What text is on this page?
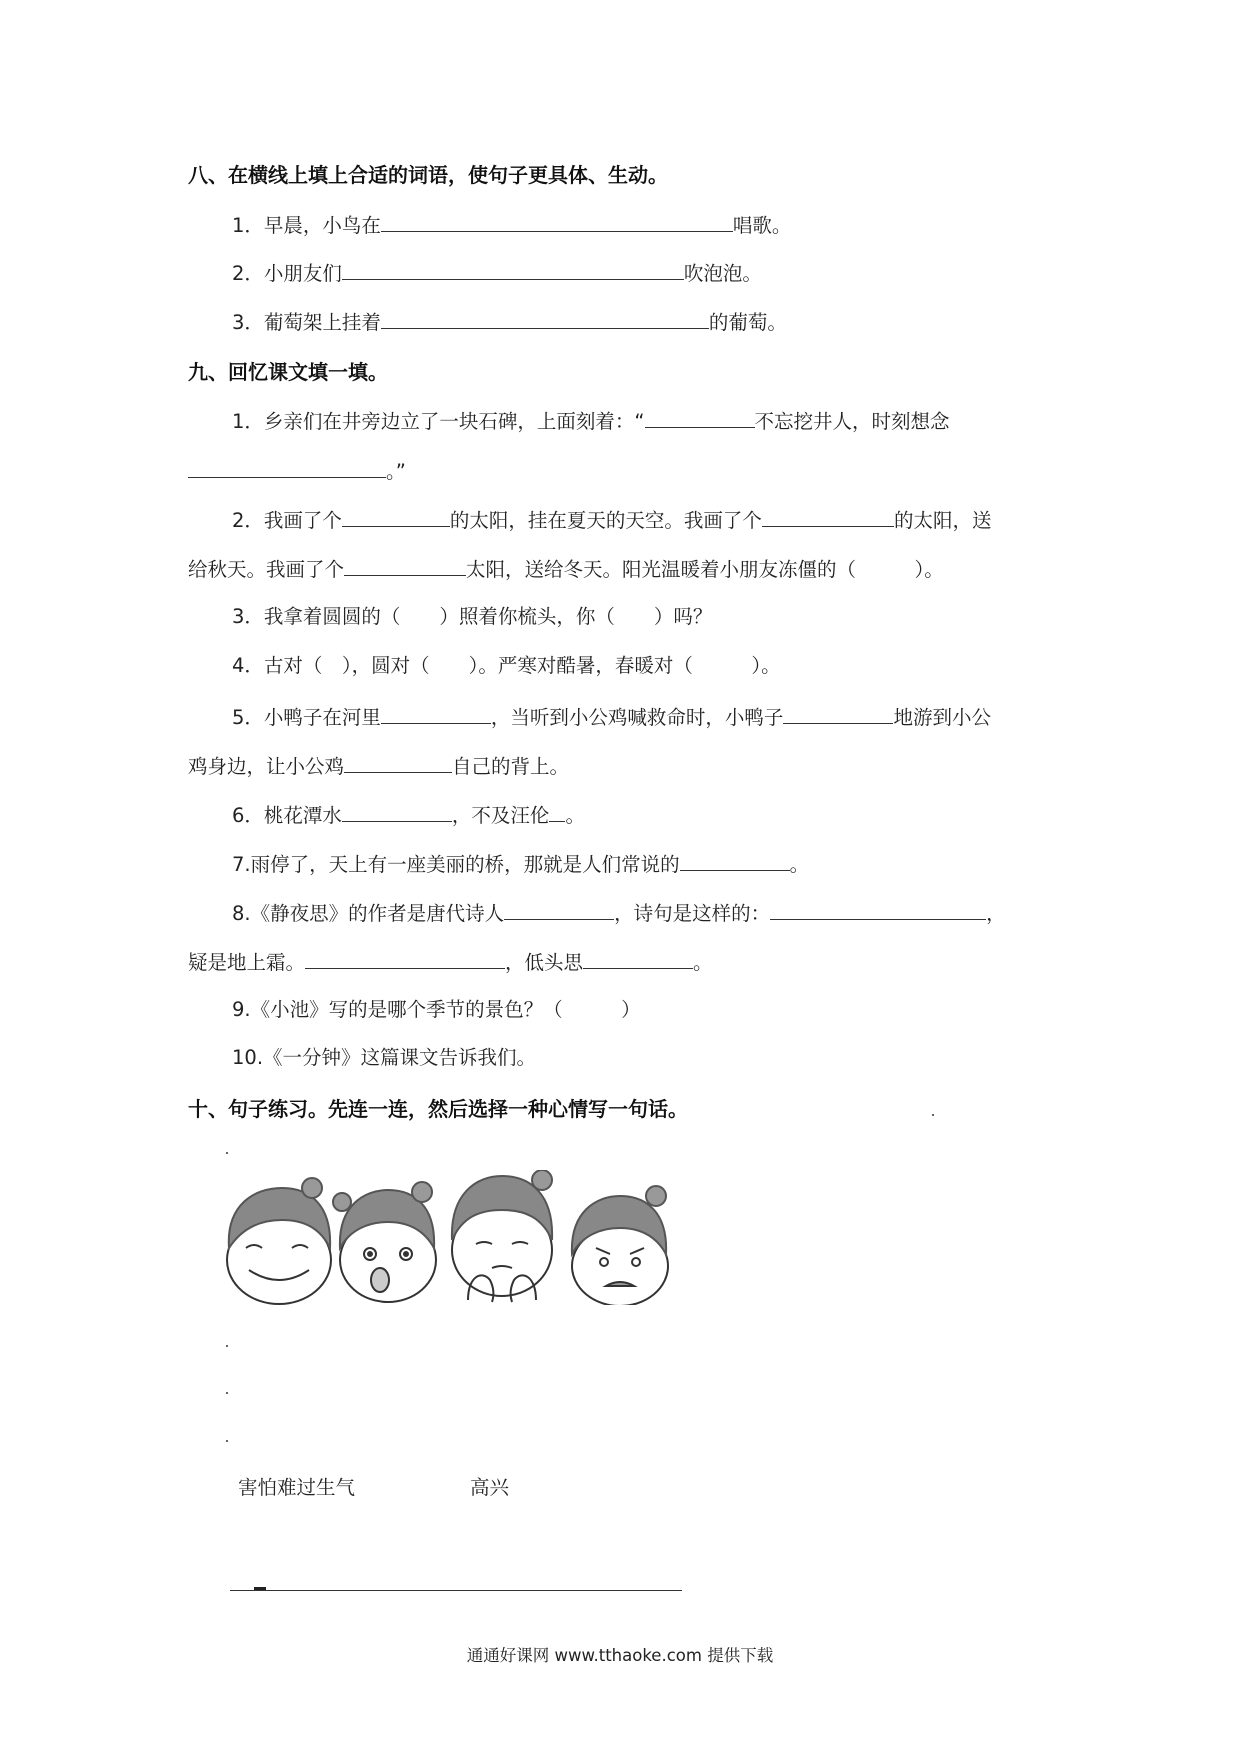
八、在横线上填上合适的词语，使句子更具体、生动。
1．早晨，小鸟在	唱歌。
2．小朋友们	吹泡泡。
3．葡萄架上挂着	的葡萄。
九、回忆课文填一填。
1．乡亲们在井旁边立了一块石碑，上面刻着：“	不忘挖井人，时刻想念
。”
2．我画了个	的太阳，挂在夏天的天空。我画了个	的太阳，送
给秋天。我画了个	太阳，送给冬天。阳光温暖着小朋友冻僵的（　　　）。
3．我拿着圆圆的（　　）照着你梳头，你（　　）吗？
4．古对（　），圆对（　　）。严寒对酷暑，春暖对（　　　）。
5．小鸭子在河里	，当听到小公鸡喊救命时，小鸭子	地游到小公
鸡身边，让小公鸡	自己的背上。
6．桃花潭水	，不及汪伦 。
7.雨停了，天上有一座美丽的桥，那就是人们常说的	。
8.《静夜思》的作者是唐代诗人	，诗句是这样的：	，
疑是地上霜。	，低头思	。
9.《小池》写的是哪个季节的景色？（　　　）
10.《一分钟》这篇课文告诉我们。
十、句子练习。先连一连，然后选择一种心情写一句话。
害怕难过生气	高兴
通通好课网 www.tthaoke.com 提供下载
